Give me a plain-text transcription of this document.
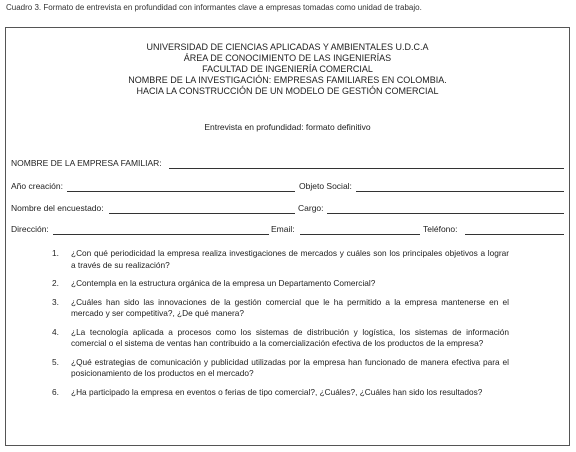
Cuadro 3. Formato de entrevista en profundidad con informantes clave a empresas tomadas como unidad de trabajo.
UNIVERSIDAD DE CIENCIAS APLICADAS Y AMBIENTALES U.D.C.A
ÁREA DE CONOCIMIENTO DE LAS INGENIERÍAS
FACULTAD DE INGENIERÍA COMERCIAL
NOMBRE DE LA INVESTIGACIÓN: EMPRESAS FAMILIARES EN COLOMBIA.
HACIA LA CONSTRUCCIÓN DE UN MODELO DE GESTIÓN COMERCIAL
Entrevista en profundidad: formato definitivo
NOMBRE DE LA EMPRESA FAMILIAR:
Año creación:	Objeto Social:
Nombre del encuestado:	Cargo:
Dirección:	Email:	Teléfono:
1. ¿Con qué periodicidad la empresa realiza investigaciones de mercados y cuáles son los principales objetivos a lograr a través de su realización?
2. ¿Contempla en la estructura orgánica de la empresa un Departamento Comercial?
3. ¿Cuáles han sido las innovaciones de la gestión comercial que le ha permitido a la empresa mantenerse en el mercado y ser competitiva?, ¿De qué manera?
4. ¿La tecnología aplicada a procesos como los sistemas de distribución y logística, los sistemas de información comercial o el sistema de ventas han contribuido a la comercialización efectiva de los productos de la empresa?
5. ¿Qué estrategias de comunicación y publicidad utilizadas por la empresa han funcionado de manera efectiva para el posicionamiento de los productos en el mercado?
6. ¿Ha participado la empresa en eventos o ferias de tipo comercial?, ¿Cuáles?, ¿Cuáles han sido los resultados?
